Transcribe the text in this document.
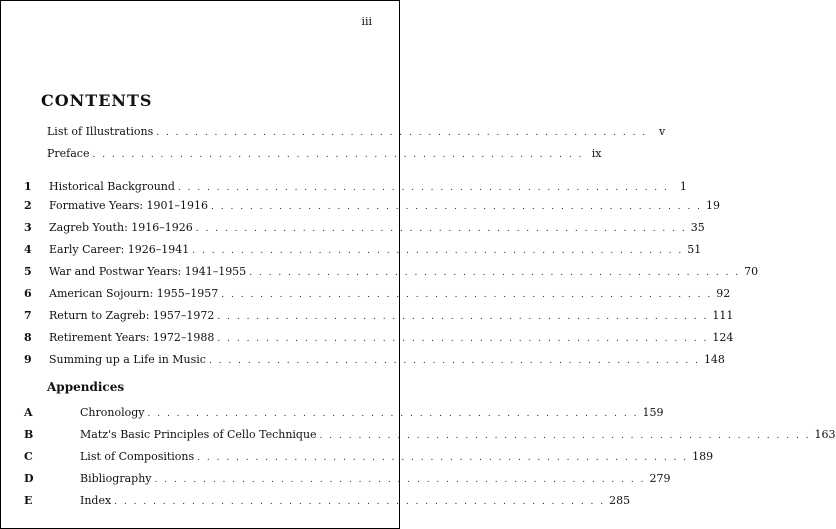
iii
CONTENTS
List of Illustrations . . . . . . . . . . . . . . . . . . . . . . . . . . . . . . . . . . . . . . . . . . . . . . . . . . .	v
Preface . . . . . . . . . . . . . . . . . . . . . . . . . . . . . . . . . . . . . . . . . . . . . . . . . . . ix
1 Historical Background . . . . . . . . . . . . . . . . . . . . . . . . . . . . . . . . . . . . . . . . . . . . . . . . . . .	1
2 Formative Years: 1901–1916 . . . . . . . . . . . . . . . . . . . . . . . . . . . . . . . . . . . . . . . . . . . . . . . . . . . 19
3 Zagreb Youth: 1916–1926 . . . . . . . . . . . . . . . . . . . . . . . . . . . . . . . . . . . . . . . . . . . . . . . . . . . 35
4 Early Career: 1926–1941 . . . . . . . . . . . . . . . . . . . . . . . . . . . . . . . . . . . . . . . . . . . . . . . . . . . 51
5 War and Postwar Years: 1941–1955 . . . . . . . . . . . . . . . . . . . . . . . . . . . . . . . . . . . . . . . . . . . . . . . . . . . 70
6 American Sojourn: 1955–1957 . . . . . . . . . . . . . . . . . . . . . . . . . . . . . . . . . . . . . . . . . . . . . . . . . . . 92
7 Return to Zagreb: 1957–1972 . . . . . . . . . . . . . . . . . . . . . . . . . . . . . . . . . . . . . . . . . . . . . . . . . . . 111
8 Retirement Years: 1972–1988 . . . . . . . . . . . . . . . . . . . . . . . . . . . . . . . . . . . . . . . . . . . . . . . . . . . 124
9 Summing up a Life in Music . . . . . . . . . . . . . . . . . . . . . . . . . . . . . . . . . . . . . . . . . . . . . . . . . . . 148
Appendices
A	Chronology . . . . . . . . . . . . . . . . . . . . . . . . . . . . . . . . . . . . . . . . . . . . . . . . . . . 159
B	Matz's Basic Principles of Cello Technique . . . . . . . . . . . . . . . . . . . . . . . . . . . . . . . . . . . . . . . . . . . . . . . . . . . 163
C	List of Compositions . . . . . . . . . . . . . . . . . . . . . . . . . . . . . . . . . . . . . . . . . . . . . . . . . . . 189
D	Bibliography . . . . . . . . . . . . . . . . . . . . . . . . . . . . . . . . . . . . . . . . . . . . . . . . . . . 279
E	Index . . . . . . . . . . . . . . . . . . . . . . . . . . . . . . . . . . . . . . . . . . . . . . . . . . . 285
